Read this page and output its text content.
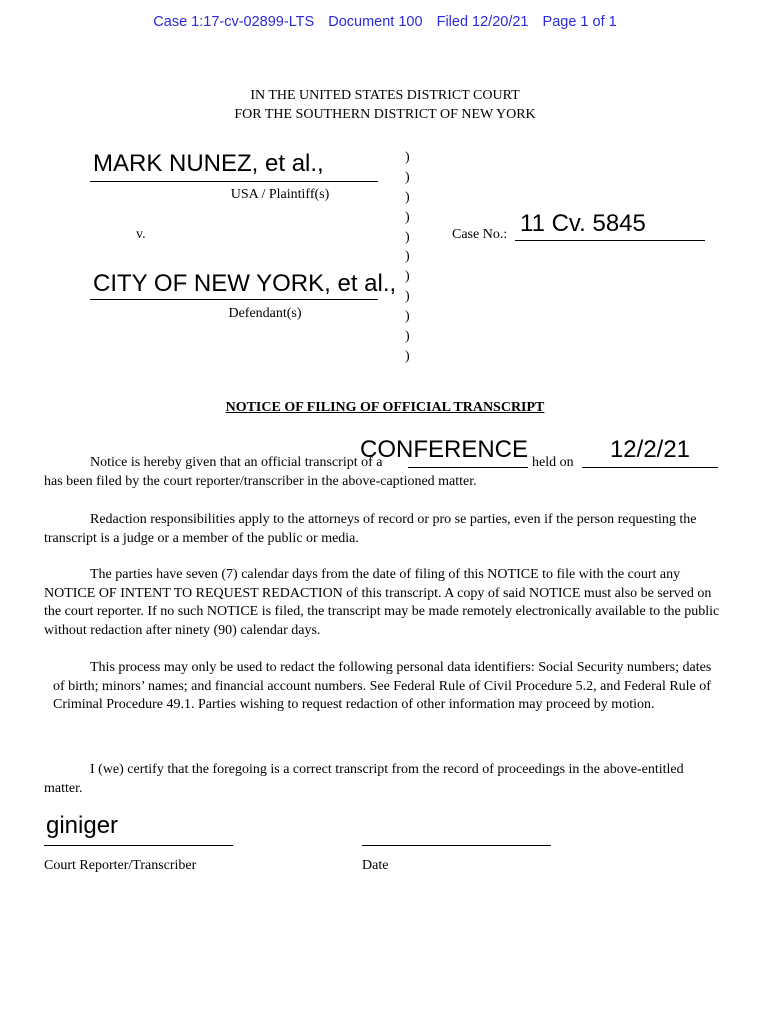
Case 1:17-cv-02899-LTS Document 100 Filed 12/20/21 Page 1 of 1
IN THE UNITED STATES DISTRICT COURT
FOR THE SOUTHERN DISTRICT OF NEW YORK
MARK NUNEZ, et al.,
USA / Plaintiff(s)
v.
CITY OF NEW YORK, et al.,
Defendant(s)
)
)
)
)
)
)
)
)
)
)
)
Case No.: 11 Cv. 5845
NOTICE OF FILING OF OFFICIAL TRANSCRIPT
Notice is hereby given that an official transcript of a
CONFERENCE held on	12/2/21
has been filed by the court reporter/transcriber in the above-captioned matter.

Redaction responsibilities apply to the attorneys of record or pro se parties, even if the person requesting the transcript is a judge or a member of the public or media.

The parties have seven (7) calendar days from the date of filing of this NOTICE to file with the court any NOTICE OF INTENT TO REQUEST REDACTION of this transcript. A copy of said NOTICE must also be served on the court reporter. If no such NOTICE is filed, the transcript may be made remotely electronically available to the public without redaction after ninety (90) calendar days.

This process may only be used to redact the following personal data identifiers: Social Security numbers; dates of birth; minors’ names; and financial account numbers. See Federal Rule of Civil Procedure 5.2, and Federal Rule of Criminal Procedure 49.1. Parties wishing to request redaction of other information may proceed by motion.

I (we) certify that the foregoing is a correct transcript from the record of proceedings in the above-entitled matter.

giniger
Court Reporter/Transcriber	Date
